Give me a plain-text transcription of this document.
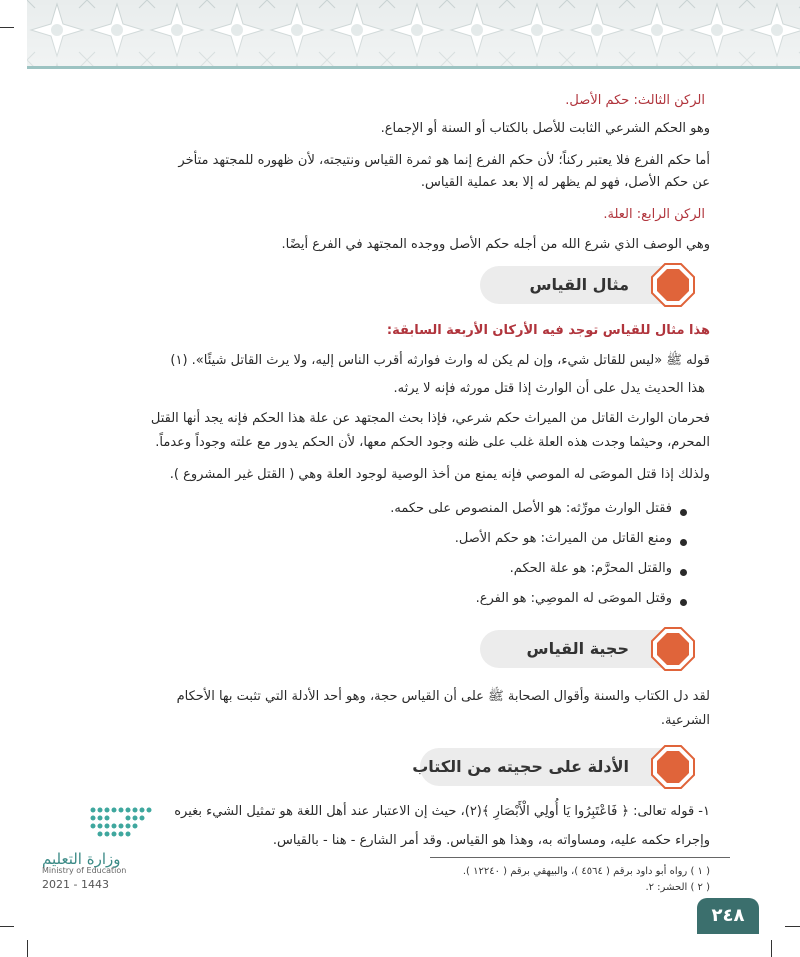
الركن الثالث: حكم الأصل.
وهو الحكم الشرعي الثابت للأصل بالكتاب أو السنة أو الإجماع.
أما حكم الفرع فلا يعتبر ركناً؛ لأن حكم الفرع إنما هو ثمرة القياس ونتيجته، لأن ظهوره للمجتهد متأخر
عن حكم الأصل، فهو لم يظهر له إلا بعد عملية القياس.
الركن الرابع: العلة.
وهي الوصف الذي شرع الله من أجله حكم الأصل ووجده المجتهد في الفرع أيضًا.
مثال القياس
هذا مثال للقياس توجد فيه الأركان الأربعة السابقة:
قوله ﷺ «ليس للقاتل شيء، وإن لم يكن له وارث فوارثه أقرب الناس إليه، ولا يرث القاتل شيئًا». (١)
هذا الحديث يدل على أن الوارث إذا قتل مورثه فإنه لا يرثه.
فحرمان الوارث القاتل من الميراث حكم شرعي، فإذا بحث المجتهد عن علة هذا الحكم فإنه يجد أنها القتل
المحرم، وحيثما وجدت هذه العلة غلب على ظنه وجود الحكم معها، لأن الحكم يدور مع علته وجوداً وعدماً.
ولذلك إذا قتل الموصَى له الموصي فإنه يمنع من أخذ الوصية لوجود العلة وهي ( القتل غير المشروع ).
فقتل الوارث مورِّثه: هو الأصل المنصوص على حكمه.
ومنع القاتل من الميراث: هو حكم الأصل.
والقتل المحرَّم: هو علة الحكم.
وقتل الموصَى له الموصِي: هو الفرع.
حجية القياس
لقد دل الكتاب والسنة وأقوال الصحابة ﷺ على أن القياس حجة، وهو أحد الأدلة التي تثبت بها الأحكام
الشرعية.
الأدلة على حجيته من الكتاب
١- قوله تعالى: ﴿ فَاعْتَبِرُوا يَا أُولِي الْأَبْصَارِ ﴾(٢)، حيث إن الاعتبار عند أهل اللغة هو تمثيل الشيء بغيره
وإجراء حكمه عليه، ومساواته به، وهذا هو القياس. وقد أمر الشارع - هنا - بالقياس.
وزارة التعليم
Ministry of Education
2021 - 1443
( ١ ) رواه أبو داود برقم ( ٤٥٦٤ )، والبيهقي برقم ( ١٢٢٤٠ ).
( ٢ ) الحشر: ٢.
٢٤٨
